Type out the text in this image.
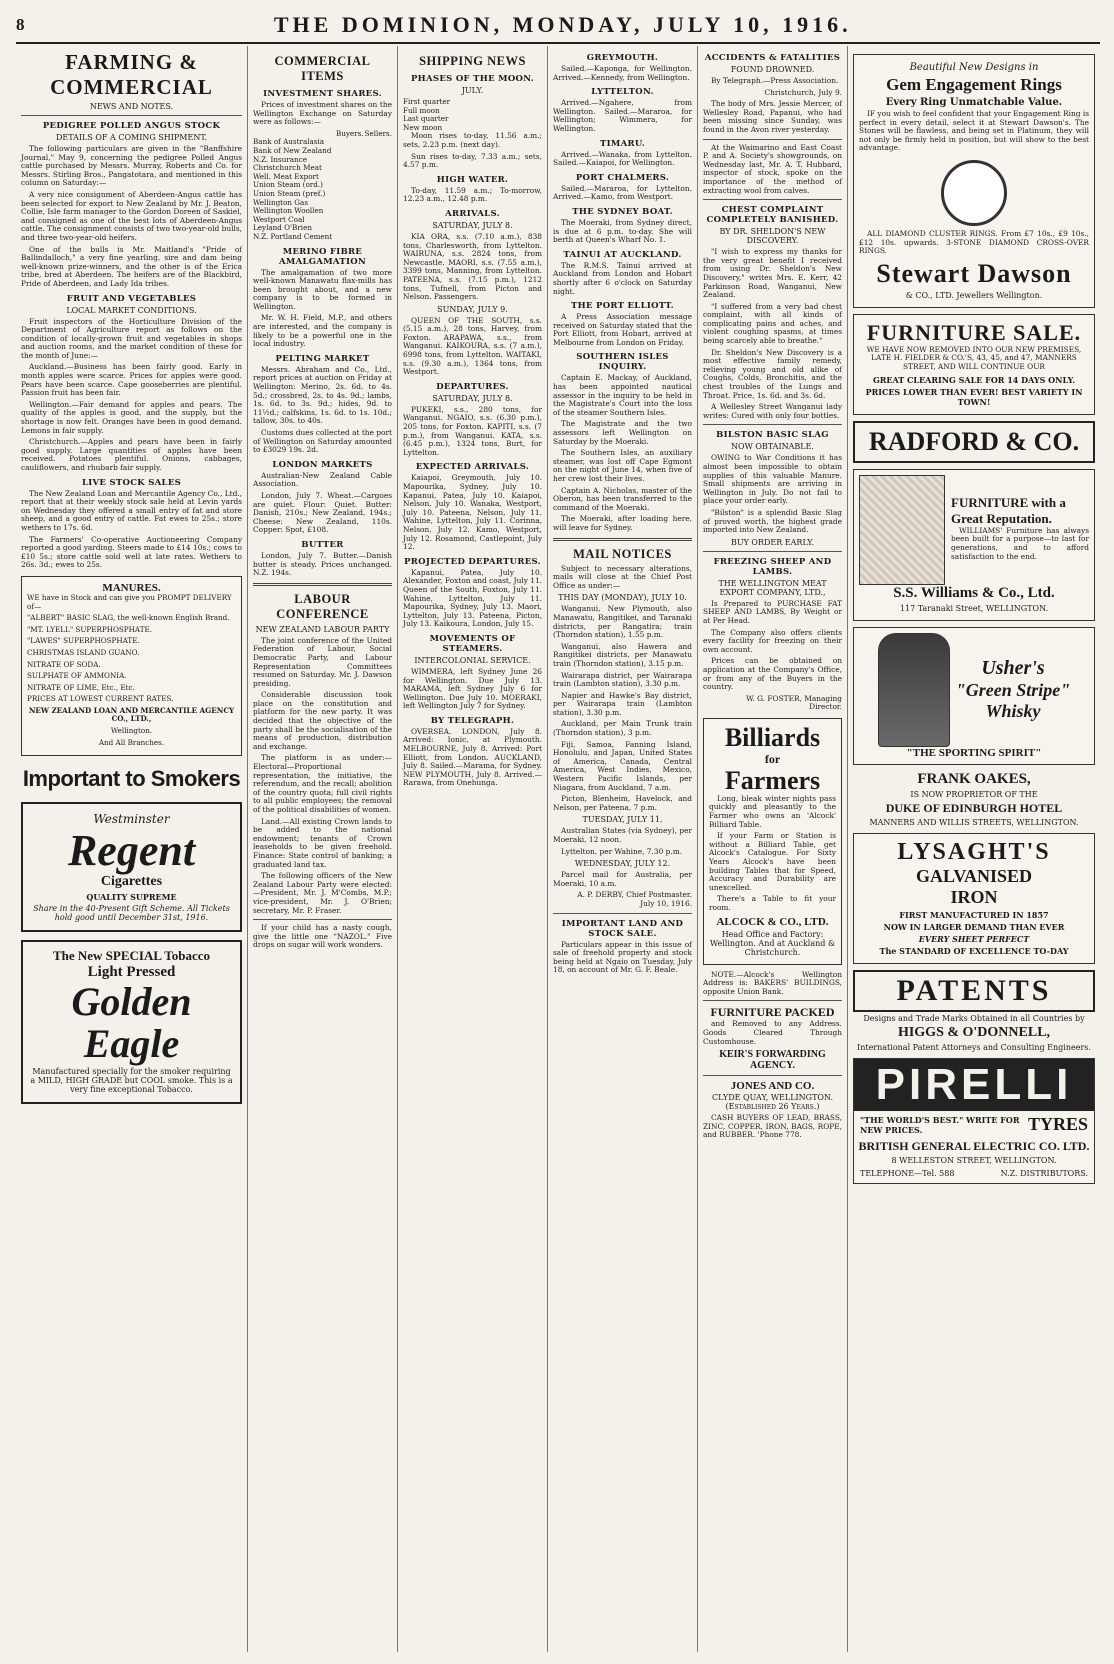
8	THE DOMINION, MONDAY, JULY 10, 1916.
FARMING & COMMERCIAL
NEWS AND NOTES.
PEDIGREE POLLED ANGUS STOCK
DETAILS OF A COMING SHIPMENT.

The following particulars are given in the "Banffshire Journal," May 9, concerning the pedigree Polled Angus cattle purchased by Messrs. Murray, Roberts and Co. for Messrs. Stirling Bros., Pangatotara, and mentioned in this column on Saturday:—

A very nice consignment of Aberdeen-Angus cattle has been selected for export to New Zealand by Mr. J. Beaton, Collie, Isle farm manager to the Gordon Doreen of Saskiel, and consigned as one of the best lots of Aberdeen-Angus cattle. The consignment consists of two two-year-old bulls, and three two-year-old heifers.

One of the bulls is Mr. Maitland's "Pride of Ballindalloch," a very fine yearling, sire and dam being well-known prize-winners, and the other is of the Erica tribe, bred at Aberdeen. The heifers are of the Blackbird, Pride of Aberdeen, and Lady Ida tribes.

FRUIT AND VEGETABLES
LOCAL MARKET CONDITIONS.

Fruit inspectors of the Horticulture Division of the Department of Agriculture report as follows on the condition of locally-grown fruit and vegetables in shops and auction rooms, and the market condition of these for the month of June:—

Auckland.—Business has been fairly good. Early in month apples were scarce. Prices for apples were good. Pears have been scarce. Cape gooseberries are plentiful. Passion fruit has been fair.

Wellington.—Fair demand for apples and pears. The quality of the apples is good, and the supply, but the shortage is now felt. Oranges have been in good demand. Lemons in fair supply.

Christchurch.—Apples and pears have been in fairly good supply. Large quantities of apples have been received. Potatoes plentiful. Onions, cabbages, cauliflowers, and rhubarb fair supply.

LIVE STOCK SALES

The New Zealand Loan and Mercantile Agency Co., Ltd., report that at their weekly stock sale held at Levin yards on Wednesday they offered a small entry of fat and store sheep, and a good entry of cattle. Fat ewes to 25s.; store wethers to 17s. 6d.

The Farmers' Co-operative Auctioneering Company reported a good yarding. Steers made to £14 10s.; cows to £10 5s.; store cattle sold well at late rates. Wethers to 26s. 3d.; ewes to 25s.

MANURES.
WE have in Stock and can give you PROMPT DELIVERY of—
"ALBERT" BASIC SLAG, the well-known English Brand.
"MT. LYELL" SUPERPHOSPHATE.
"LAWES" SUPERPHOSPHATE.
CHRISTMAS ISLAND GUANO.
NITRATE OF SODA.
SULPHATE OF AMMONIA.
NITRATE OF LIME, Etc., Etc.
PRICES AT LOWEST CURRENT RATES.
NEW ZEALAND LOAN AND MERCANTILE AGENCY CO., LTD.,
Wellington.
And All Branches.
Important to Smokers
Westminster
Regent
Cigarettes
QUALITY SUPREME
Share in the 40-Present Gift Scheme. All Tickets hold good until December 31st, 1916.
The New SPECIAL Tobacco
Light Pressed
Golden Eagle
Manufactured specially for the smoker requiring a MILD, HIGH GRADE but COOL smoke. This is a very fine exceptional Tobacco.
COMMERCIAL ITEMS
INVESTMENT SHARES.

Prices of investment shares on the Wellington Exchange on Saturday were as follows:—

	Buyers.	Sellers.
Bank of Australasia		
Bank of New Zealand		
N.Z. Insurance		
Christchurch Meat		
Well. Meat Export		
Union Steam (ord.)		
Union Steam (pref.)		
Wellington Gas		
Wellington Woollen		
Westport Coal		
Leyland O'Brien		
N.Z. Portland Cement		
MERINO FIBRE AMALGAMATION

The amalgamation of two more well-known Manawatu flax-mills has been brought about, and a new company is to be formed in Wellington.

Mr. W. H. Field, M.P., and others are interested, and the company is likely to be a powerful one in the local industry.

PELTING MARKET

Messrs. Abraham and Co., Ltd., report prices at auction on Friday at Wellington: Merino, 2s. 6d. to 4s. 5d.; crossbred, 2s. to 4s. 9d.; lambs, 1s. 6d. to 3s. 9d.; hides, 9d. to 11½d.; calfskins, 1s. 6d. to 1s. 10d.; tallow, 30s. to 40s.

Customs dues collected at the port of Wellington on Saturday amounted to £3029 19s. 2d.

LONDON MARKETS

Australian-New Zealand Cable Association.

London, July 7. Wheat.—Cargoes are quiet. Flour: Quiet. Butter: Danish, 210s.; New Zealand, 194s.; Cheese: New Zealand, 110s. Copper: Spot, £108.

BUTTER

London, July 7. Butter.—Danish butter is steady. Prices unchanged. N.Z. 194s.

LABOUR CONFERENCE
NEW ZEALAND LABOUR PARTY

The joint conference of the United Federation of Labour, Social Democratic Party, and Labour Representation Committees resumed on Saturday. Mr. J. Dawson presiding.

Considerable discussion took place on the constitution and platform for the new party. It was decided that the objective of the party shall be the socialisation of the means of production, distribution and exchange.

The platform is as under:—Electoral—Proportional representation, the initiative, the referendum, and the recall; abolition of the country quota; full civil rights to all public employees; the removal of the political disabilities of women.

Land.—All existing Crown lands to be added to the national endowment; tenants of Crown leaseholds to be given freehold. Finance: State control of banking; a graduated land tax.

The following officers of the New Zealand Labour Party were elected:—President, Mr. J. M'Combs, M.P.; vice-president, Mr. J. O'Brien; secretary, Mr. P. Fraser.

If your child has a nasty cough, give the little one "NAZOL." Five drops on sugar will work wonders.

SHIPPING NEWS
PHASES OF THE MOON.
JULY.
First quarter		
Full moon		
Last quarter		
New moon		

Moon rises to-day, 11.56 a.m.; sets, 2.23 p.m. (next day).

Sun rises to-day, 7.33 a.m.; sets, 4.57 p.m.

HIGH WATER.

To-day, 11.59 a.m.; To-morrow, 12.23 a.m., 12.48 p.m.

ARRIVALS.
SATURDAY, JULY 8.

KIA ORA, s.s. (7.10 a.m.), 838 tons, Charlesworth, from Lyttelton. WAIRUNA, s.s. 2824 tons, from Newcastle. MAORI, s.s. (7.55 a.m.), 3399 tons, Manning, from Lyttelton. PATEENA, s.s. (7.15 p.m.), 1212 tons, Tufnell, from Picton and Nelson. Passengers.

SUNDAY, JULY 9.

QUEEN OF THE SOUTH, s.s. (5.15 a.m.), 28 tons, Harvey, from Foxton. ARAPAWA, s.s., from Wanganui. KAIKOURA, s.s. (7 a.m.), 6998 tons, from Lyttelton. WAITAKI, s.s. (9.30 a.m.), 1364 tons, from Westport.

DEPARTURES.
SATURDAY, JULY 8.

PUKEKI, s.s., 280 tons, for Wanganui. NGAIO, s.s. (6.30 p.m.), 205 tons, for Foxton. KAPITI, s.s. (7 p.m.), from Wanganui. KATA, s.s. (6.45 p.m.), 1324 tons, Burt, for Lyttelton.

EXPECTED ARRIVALS.

Kaiapoi, Greymouth, July 10. Mapourika, Sydney, July 10. Kapanui, Patea, July 10. Kaiapoi, Nelson, July 10. Wanaka, Westport, July 10. Pateena, Nelson, July 11. Wahine, Lyttelton, July 11. Corinna, Nelson, July 12. Kamo, Westport, July 12. Rosamond, Castlepoint, July 12.

PROJECTED DEPARTURES.

Kapanui, Patea, July 10. Alexander, Foxton and coast, July 11. Queen of the South, Foxton, July 11. Wahine, Lyttelton, July 11. Mapourika, Sydney, July 13. Maori, Lyttelton, July 13. Pateena, Picton, July 13. Kaikoura, London, July 15.

MOVEMENTS OF STEAMERS.
INTERCOLONIAL SERVICE.

WIMMERA, left Sydney June 26 for Wellington. Due July 13. MARAMA, left Sydney July 6 for Wellington. Due July 10. MOERAKI, left Wellington July 7 for Sydney.

BY TELEGRAPH.

OVERSEA. LONDON, July 8. Arrived: Ionic, at Plymouth. MELBOURNE, July 8. Arrived: Port Elliott, from London. AUCKLAND, July 8. Sailed.—Marama, for Sydney. NEW PLYMOUTH, July 8. Arrived.—Rarawa, from Onehunga.

GREYMOUTH.

Sailed.—Kaponga, for Wellington. Arrived.—Kennedy, from Wellington.

LYTTELTON.

Arrived.—Ngahere, from Wellington. Sailed.—Mararoa, for Wellington; Wimmera, for Wellington.

TIMARU.

Arrived.—Wanaka, from Lyttelton. Sailed.—Kaiapoi, for Wellington.

PORT CHALMERS.

Sailed.—Mararoa, for Lyttelton. Arrived.—Kamo, from Westport.

THE SYDNEY BOAT.

The Moeraki, from Sydney direct, is due at 6 p.m. to-day. She will berth at Queen's Wharf No. 1.

TAINUI AT AUCKLAND.

The R.M.S. Tainui arrived at Auckland from London and Hobart shortly after 6 o'clock on Saturday night.

THE PORT ELLIOTT.

A Press Association message received on Saturday stated that the Port Elliott, from Hobart, arrived at Melbourne from London on Friday.

SOUTHERN ISLES INQUIRY.

Captain E. Mackay, of Auckland, has been appointed nautical assessor in the inquiry to be held in the Magistrate's Court into the loss of the steamer Southern Isles.

The Magistrate and the two assessors left Wellington on Saturday by the Moeraki.

The Southern Isles, an auxiliary steamer, was lost off Cape Egmont on the night of June 14, when five of her crew lost their lives.

Captain A. Nicholas, master of the Oberon, has been transferred to the command of the Moeraki.

The Moeraki, after loading here, will leave for Sydney.

MAIL NOTICES

Subject to necessary alterations, mails will close at the Chief Post Office as under:—

THIS DAY (MONDAY), JULY 10.

Wanganui, New Plymouth, also Manawatu, Rangitikei, and Taranaki districts, per Rangatira; train (Thorndon station), 1.55 p.m.

Wanganui, also Hawera and Rangitikei districts, per Manawatu train (Thorndon station), 3.15 p.m.

Wairarapa district, per Wairarapa train (Lambton station), 3.30 p.m.

Napier and Hawke's Bay district, per Wairarapa train (Lambton station), 3.30 p.m.

Auckland, per Main Trunk train (Thorndon station), 3 p.m.

Fiji, Samoa, Fanning Island, Honolulu, and Japan, United States of America, Canada, Central America, West Indies, Mexico, Western Pacific Islands, per Niagara, from Auckland, 7 a.m.

Picton, Blenheim, Havelock, and Nelson, per Pateena, 7 p.m.

TUESDAY, JULY 11.

Australian States (via Sydney), per Moeraki, 12 noon.

Lyttelton, per Wahine, 7.30 p.m.

WEDNESDAY, JULY 12.

Parcel mail for Australia, per Moeraki, 10 a.m.

A. P. DERBY, Chief Postmaster. July 10, 1916.

IMPORTANT LAND AND STOCK SALE.

Particulars appear in this issue of sale of freehold property and stock being held at Ngaio on Tuesday, July 18, on account of Mr. G. F. Beale.

ACCIDENTS & FATALITIES
FOUND DROWNED.

By Telegraph.—Press Association.

Christchurch, July 9.

The body of Mrs. Jessie Mercer, of Wellesley Road, Papanui, who had been missing since Sunday, was found in the Avon river yesterday.

At the Waimarino and East Coast P. and A. Society's showgrounds, on Wednesday last, Mr. A. T. Hubbard, inspector of stock, spoke on the importance of the method of extracting wool from calves.

CHEST COMPLAINT COMPLETELY BANISHED.
BY DR. SHELDON'S NEW DISCOVERY.

"I wish to express my thanks for the very great benefit I received from using Dr. Sheldon's New Discovery," writes Mrs. E. Kerr, 42 Parkinson Road, Wanganui, New Zealand.

"I suffered from a very bad chest complaint, with all kinds of complicating pains and aches, and violent coughing spasms, at times being scarcely able to breathe."

Dr. Sheldon's New Discovery is a most effective family remedy, relieving young and old alike of Coughs, Colds, Bronchitis, and the chest troubles of the Lungs and Throat. Price, 1s. 6d. and 3s. 6d.

A Wellesley Street Wanganui lady writes: Cured with only four bottles.

BILSTON BASIC SLAG
NOW OBTAINABLE.

OWING to War Conditions it has almost been impossible to obtain supplies of this valuable Manure. Small shipments are arriving in Wellington in July. Do not fail to place your order early.

"Bilston" is a splendid Basic Slag of proved worth, the highest grade imported into New Zealand.

BUY ORDER EARLY.
FREEZING SHEEP AND LAMBS.
THE WELLINGTON MEAT EXPORT COMPANY, LTD.,

Is Prepared to PURCHASE FAT SHEEP AND LAMBS, By Weight or at Per Head.

The Company also offers clients every facility for freezing on their own account.

Prices can be obtained on application at the Company's Office, or from any of the Buyers in the country.

W. G. FOSTER, Managing Director.

Billiards
for
Farmers

Long, bleak winter nights pass quickly and pleasantly to the Farmer who owns an 'Alcock' Billiard Table.

If your Farm or Station is without a Billiard Table, get Alcock's Catalogue. For Sixty Years Alcock's have been building Tables that for Speed, Accuracy and Durability are unexcelled.

There's a Table to fit your room.

ALCOCK & CO., LTD.
Head Office and Factory: Wellington. And at Auckland & Christchurch.

NOTE.—Alcock's Wellington Address is: BAKERS' BUILDINGS, opposite Union Bank.

FURNITURE PACKED

and Removed to any Address. Goods Cleared Through Customhouse.

KEIR'S FORWARDING AGENCY.
JONES AND CO.
CLYDE QUAY, WELLINGTON. (Established 26 Years.)

CASH BUYERS OF LEAD, BRASS, ZINC, COPPER, IRON, BAGS, ROPE, and RUBBER. 'Phone 778.

Beautiful New Designs in
Gem Engagement Rings
Every Ring Unmatchable Value.

IF you wish to feel confident that your Engagement Ring is perfect in every detail, select it at Stewart Dawson's. The Stones will be flawless, and being set in Platinum, they will not only be firmly held in position, but will show to the best advantage.

ALL DIAMOND CLUSTER RINGS. From £7 10s., £9 10s., £12 10s. upwards. 3-STONE DIAMOND CROSS-OVER RINGS.

Stewart Dawson
& CO., LTD. Jewellers Wellington.
FURNITURE SALE.

WE HAVE NOW REMOVED INTO OUR NEW PREMISES, LATE H. FIELDER & CO.'S, 43, 45, and 47, MANNERS STREET, AND WILL CONTINUE OUR

GREAT CLEARING SALE FOR 14 DAYS ONLY.
PRICES LOWER THAN EVER! BEST VARIETY IN TOWN!
RADFORD & CO.
FURNITURE with a Great Reputation.

WILLIAMS' Furniture has always been built for a purpose—to last for generations, and to afford satisfaction to the end.

S.S. Williams & Co., Ltd.
117 Taranaki Street, WELLINGTON.
Usher's
"Green Stripe"
Whisky
"THE SPORTING SPIRIT"
FRANK OAKES,
IS NOW PROPRIETOR OF THE
DUKE OF EDINBURGH HOTEL
MANNERS AND WILLIS STREETS, WELLINGTON.
LYSAGHT'S
GALVANISED
IRON
FIRST MANUFACTURED IN 1857
NOW IN LARGER DEMAND THAN EVER
EVERY SHEET PERFECT
The STANDARD OF EXCELLENCE TO-DAY
PATENTS
Designs and Trade Marks Obtained in all Countries by
HIGGS & O'DONNELL,
International Patent Attorneys and Consulting Engineers.
PIRELLI
"THE WORLD'S BEST." WRITE FOR NEW PRICES.	TYRES
BRITISH GENERAL ELECTRIC CO. LTD.
8 WELLESTON STREET, WELLINGTON.
TELEPHONE—Tel. 588	N.Z. DISTRIBUTORS.
